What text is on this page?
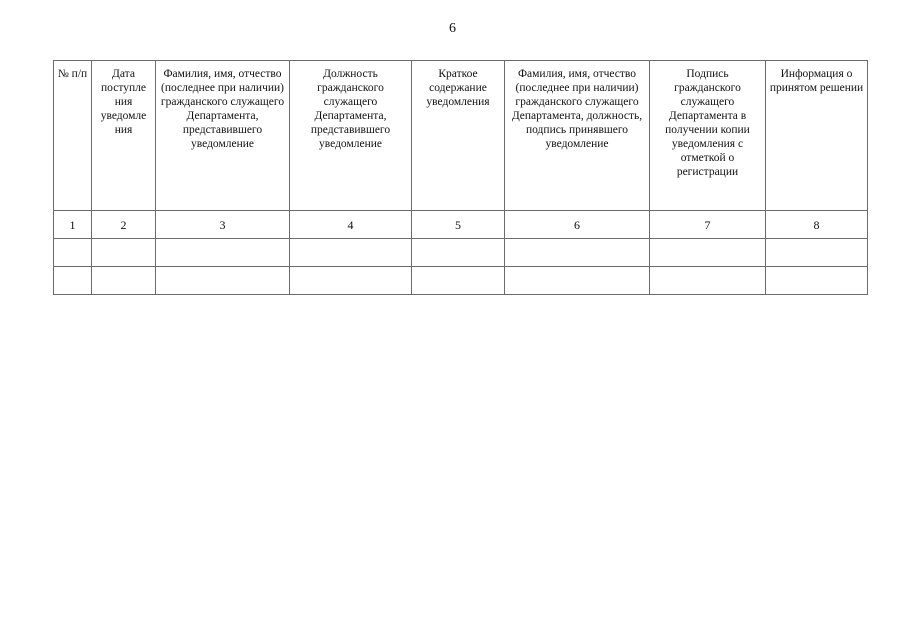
6
№ п/п	Дата поступле ния уведомле ния	Фамилия, имя, отчество (последнее при наличии) гражданского служащего Департамента, представившего уведомление	Должность гражданского служащего Департамента, представившего уведомление	Краткое содержание уведомления	Фамилия, имя, отчество (последнее при наличии) гражданского служащего Департамента, должность, подпись принявшего уведомление	Подпись гражданского служащего Департамента в получении копии уведомления с отметкой о регистрации	Информация о принятом решении
1	2	3	4	5	6	7	8
